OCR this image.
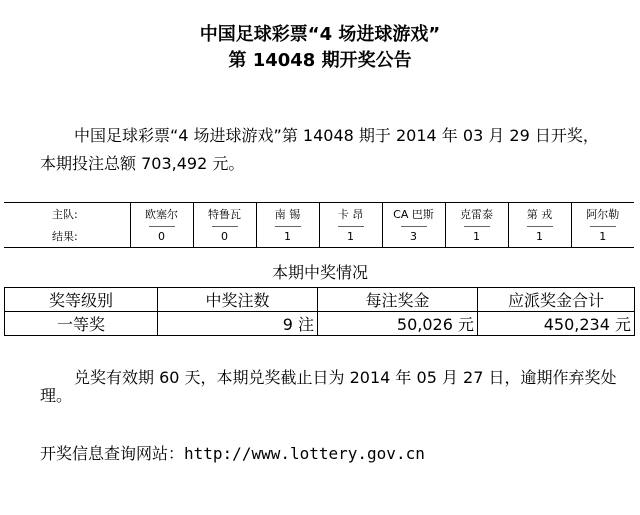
中国足球彩票“4 场进球游戏”
第 14048 期开奖公告
中国足球彩票“4 场进球游戏”第 14048 期于 2014 年 03 月 29 日开奖，
本期投注总额 703,492 元。
主队:	欧塞尔	特鲁瓦	南 锡	卡 昂	CA 巴斯	克雷泰	第 戎	阿尔勒
结果:	0	0	1	1	3	1	1	1
本期中奖情况
奖等级别	中奖注数	每注奖金	应派奖金合计
一等奖	9 注	50,026 元	450,234 元
兑奖有效期 60 天，本期兑奖截止日为 2014 年 05 月 27 日，逾期作弃奖处
理。
开奖信息查询网站：http://www.lottery.gov.cn
